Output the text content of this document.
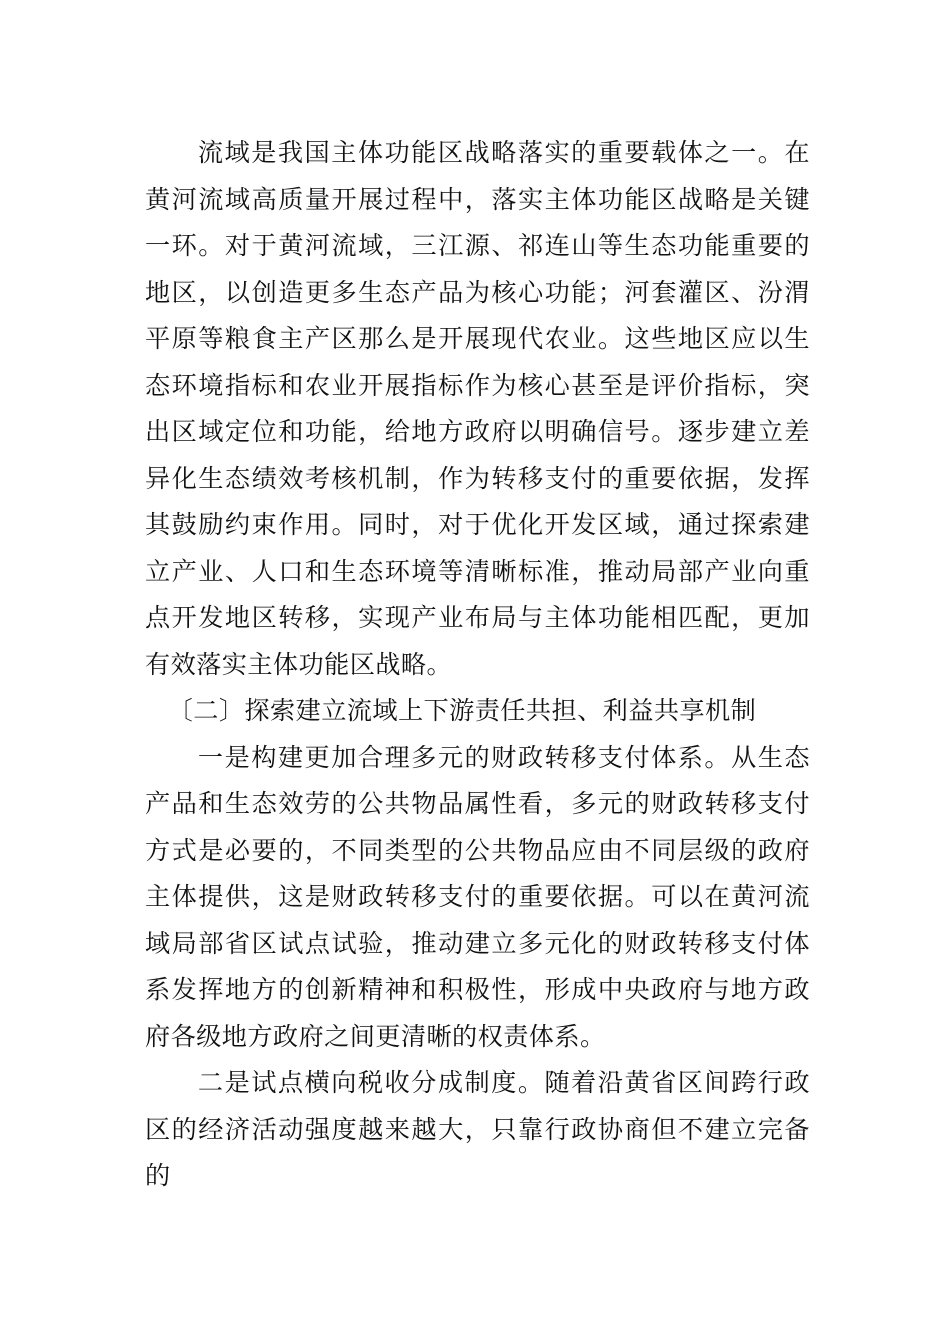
流域是我国主体功能区战略落实的重要载体之一。在黄河流域高质量开展过程中，落实主体功能区战略是关键一环。对于黄河流域，三江源、祁连山等生态功能重要的地区，以创造更多生态产品为核心功能；河套灌区、汾渭平原等粮食主产区那么是开展现代农业。这些地区应以生态环境指标和农业开展指标作为核心甚至是评价指标，突出区域定位和功能，给地方政府以明确信号。逐步建立差异化生态绩效考核机制，作为转移支付的重要依据，发挥其鼓励约束作用。同时，对于优化开发区域，通过探索建立产业、人口和生态环境等清晰标准，推动局部产业向重点开发地区转移，实现产业布局与主体功能相匹配，更加有效落实主体功能区战略。

〔二〕探索建立流域上下游责任共担、利益共享机制

一是构建更加合理多元的财政转移支付体系。从生态产品和生态效劳的公共物品属性看，多元的财政转移支付方式是必要的，不同类型的公共物品应由不同层级的政府主体提供，这是财政转移支付的重要依据。可以在黄河流域局部省区试点试验，推动建立多元化的财政转移支付体系发挥地方的创新精神和积极性，形成中央政府与地方政府各级地方政府之间更清晰的权责体系。

二是试点横向税收分成制度。随着沿黄省区间跨行政区的经济活动强度越来越大，只靠行政协商但不建立完备的
